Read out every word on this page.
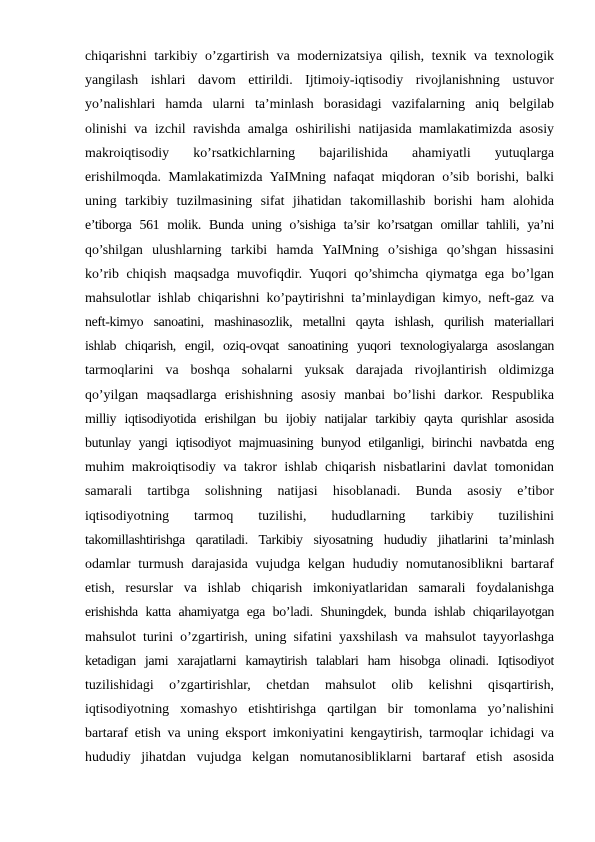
chiqarishni tarkibiy o’zgartirish va modernizatsiya qilish, texnik va texnologik
yangilash ishlari davom ettirildi. Ijtimoiy-iqtisodiy rivojlanishning ustuvor
yo’nalishlari hamda ularni ta’minlash borasidagi vazifalarning aniq belgilab
olinishi va izchil ravishda amalga oshirilishi natijasida mamlakatimizda asosiy
makroiqtisodiy ko’rsatkichlarning bajarilishida ahamiyatli yutuqlarga
erishilmoqda. Mamlakatimizda YaIMning nafaqat miqdoran o’sib borishi, balki
uning tarkibiy tuzilmasining sifat jihatidan takomillashib borishi ham alohida
e’tiborga 561 molik. Bunda uning o’sishiga ta’sir ko’rsatgan omillar tahlili, ya’ni
qo’shilgan ulushlarning tarkibi hamda YaIMning o’sishiga qo’shgan hissasini
ko’rib chiqish maqsadga muvofiqdir. Yuqori qo’shimcha qiymatga ega bo’lgan
mahsulotlar ishlab chiqarishni ko’paytirishni ta’minlaydigan kimyo, neft-gaz va
neft-kimyo sanoatini, mashinasozlik, metallni qayta ishlash, qurilish materiallari
ishlab chiqarish, engil, oziq-ovqat sanoatining yuqori texnologiyalarga asoslangan
tarmoqlarini va boshqa sohalarni yuksak darajada rivojlantirish oldimizga
qo’yilgan maqsadlarga erishishning asosiy manbai bo’lishi darkor. Respublika
milliy iqtisodiyotida erishilgan bu ijobiy natijalar tarkibiy qayta qurishlar asosida
butunlay yangi iqtisodiyot majmuasining bunyod etilganligi, birinchi navbatda eng
muhim makroiqtisodiy va takror ishlab chiqarish nisbatlarini davlat tomonidan
samarali tartibga solishning natijasi hisoblanadi. Bunda asosiy e’tibor
iqtisodiyotning tarmoq tuzilishi, hududlarning tarkibiy tuzilishini
takomillashtirishga qaratiladi. Tarkibiy siyosatning hududiy jihatlarini ta’minlash
odamlar turmush darajasida vujudga kelgan hududiy nomutanosiblikni bartaraf
etish, resurslar va ishlab chiqarish imkoniyatlaridan samarali foydalanishga
erishishda katta ahamiyatga ega bo’ladi. Shuningdek, bunda ishlab chiqarilayotgan
mahsulot turini o’zgartirish, uning sifatini yaxshilash va mahsulot tayyorlashga
ketadigan jami xarajatlarni kamaytirish talablari ham hisobga olinadi. Iqtisodiyot
tuzilishidagi o’zgartirishlar, chetdan mahsulot olib kelishni qisqartirish,
iqtisodiyotning xomashyo etishtirishga qartilgan bir tomonlama yo’nalishini
bartaraf etish va uning eksport imkoniyatini kengaytirish, tarmoqlar ichidagi va
hududiy jihatdan vujudga kelgan nomutanosibliklarni bartaraf etish asosida
